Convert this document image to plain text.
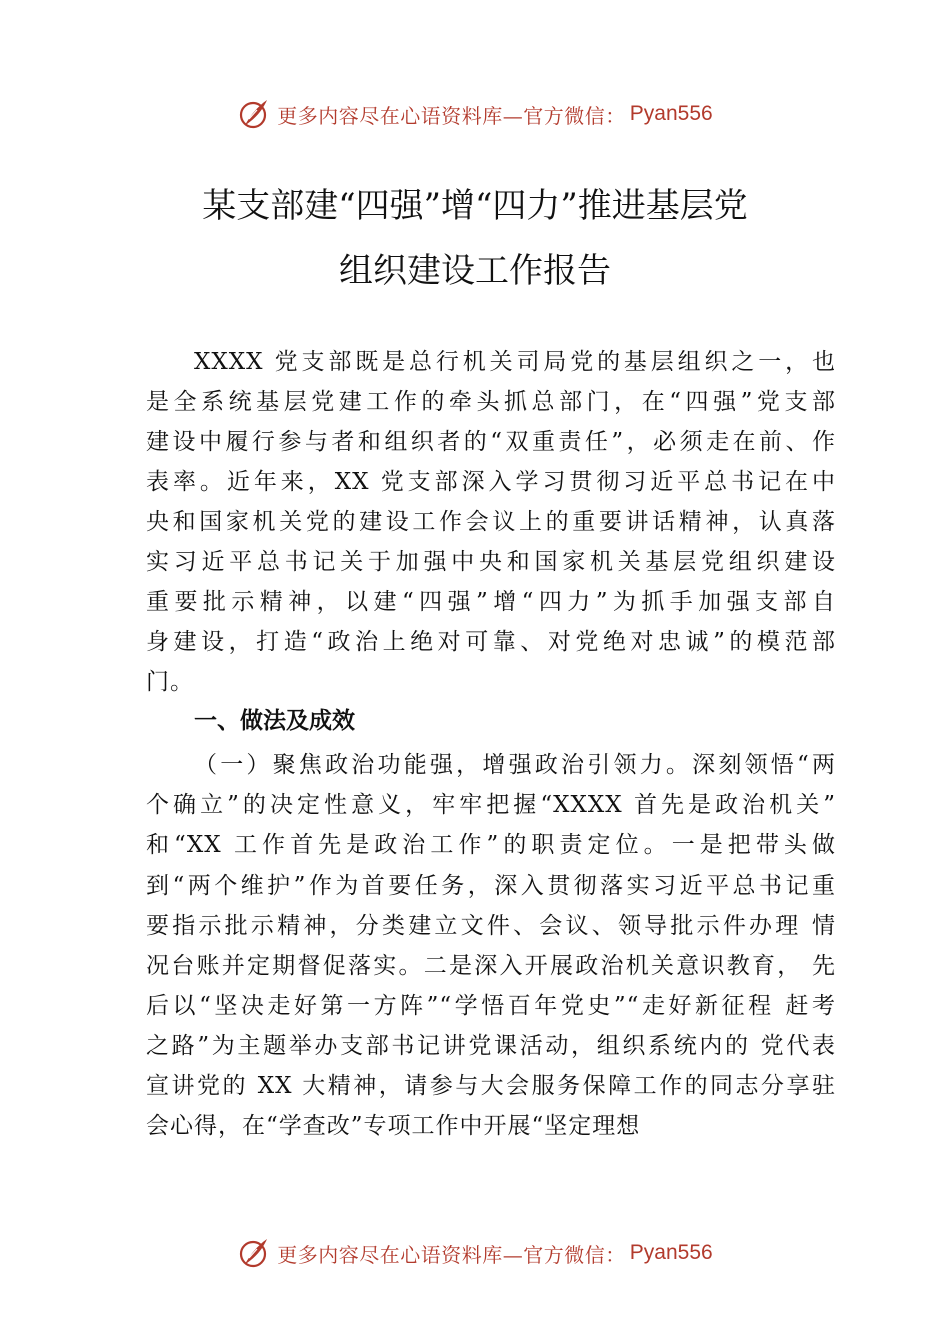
更多内容尽在心语资料库—官方微信： Pyan556
某支部建“四强”增“四力”推进基层党
组织建设工作报告
XXXX 党支部既是总行机关司局党的基层组织之一，也
是全系统基层党建工作的牵头抓总部门，在“四强”党支部
建设中履行参与者和组织者的“双重责任”，必须走在前、作
表率。近年来，XX 党支部深入学习贯彻习近平总书记在中
央和国家机关党的建设工作会议上的重要讲话精神，认真落
实习近平总书记关于加强中央和国家机关基层党组织建设
重要批示精神，以建“四强”增“四力”为抓手加强支部自
身建设，打造“政治上绝对可靠、对党绝对忠诚”的模范部
门。
一、做法及成效
（一）聚焦政治功能强，增强政治引领力。深刻领悟“两
个确立”的决定性意义，牢牢把握“XXXX 首先是政治机关”
和“XX 工作首先是政治工作”的职责定位。一是把带头做
到“两个维护”作为首要任务，深入贯彻落实习近平总书记重
要指示批示精神，分类建立文件、会议、领导批示件办理 情
况台账并定期督促落实。二是深入开展政治机关意识教育， 先
后以“坚决走好第一方阵”“学悟百年党史”“走好新征程 赶考
之路”为主题举办支部书记讲党课活动，组织系统内的 党代表
宣讲党的 XX 大精神，请参与大会服务保障工作的同志分享驻
会心得，在“学查改”专项工作中开展“坚定理想
更多内容尽在心语资料库—官方微信： Pyan556
